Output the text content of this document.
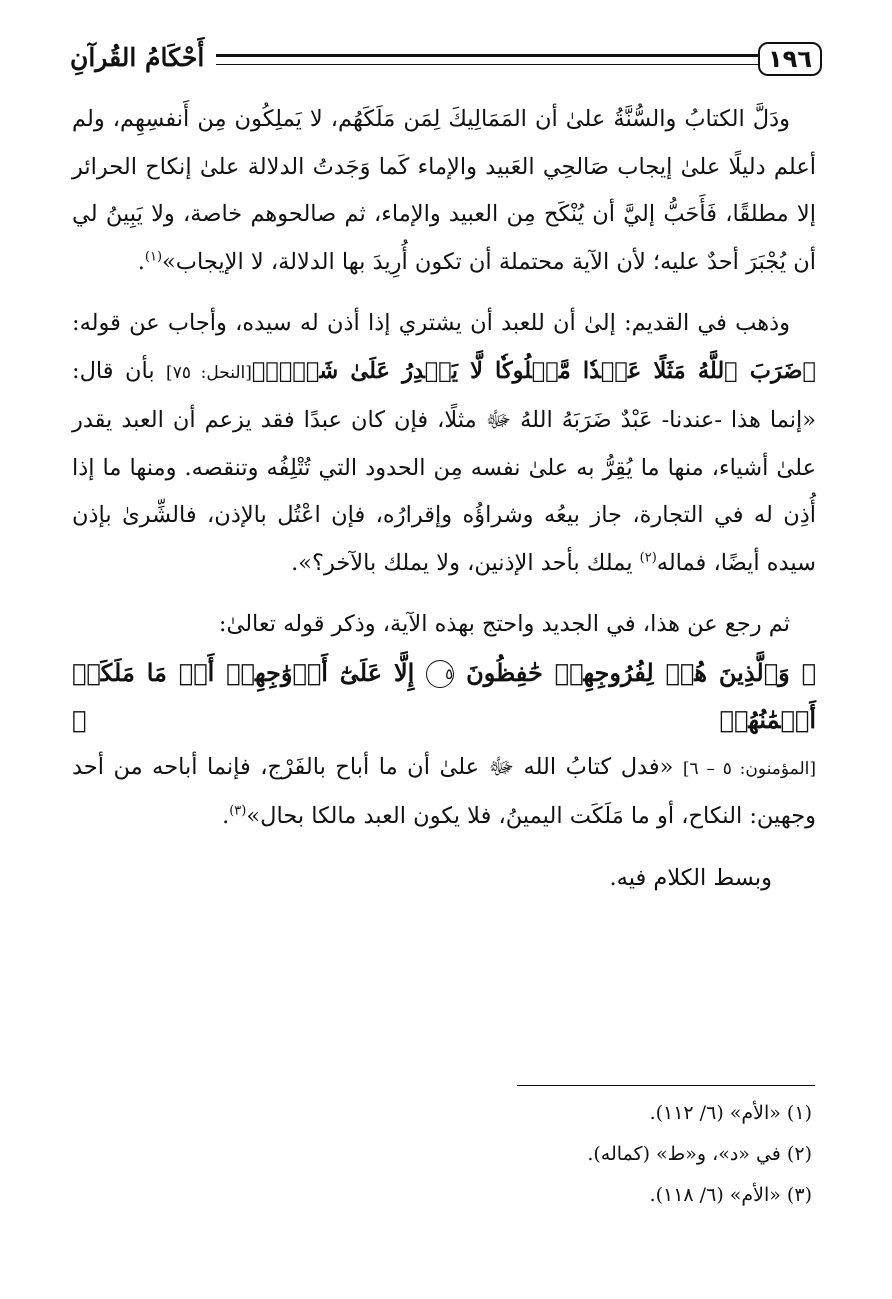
١٩٦
أَحْكَامُ القُرآنِ

ودَلَّ الكتابُ والسُّنَّةُ علىٰ أن المَمَالِيكَ لِمَن مَلَكَهُم، لا يَملِكُون مِن أَنفسِهِم، ولم أعلم دليلًا علىٰ إيجاب صَالحِي العَبيد والإماء كَما وَجَدتُ الدلالة علىٰ إنكاح الحرائر إلا مطلقًا، فَأَحَبُّ إليَّ أن يُنْكَح مِن العبيد والإماء، ثم صالحوهم خاصة، ولا يَبِينُ لي أن يُجْبَرَ أحدٌ عليه؛ لأن الآية محتملة أن تكون أُرِيدَ بها الدلالة، لا الإيجاب»$^{(١)}$.

وذهب في القديم: إلىٰ أن للعبد أن يشتري إذا أذن له سيده، وأجاب عن قوله: ﴿ضَرَبَ ٱللَّهُ مَثَلًا عَبۡدٗا مَّمۡلُوكٗا لَّا يَقۡدِرُ عَلَىٰ شَيۡءٖ﴾[النحل: ٧٥] بأن قال: «إنما هذا -عندنا- عَبْدٌ ضَرَبَهُ اللهُ ﷻ مثلًا، فإن كان عبدًا فقد يزعم أن العبد يقدر علىٰ أشياء، منها ما يُقِرُّ به علىٰ نفسه مِن الحدود التي تُتْلِفُه وتنقصه. ومنها ما إذا أُذِن له في التجارة، جاز بيعُه وشراؤُه وإقرارُه، فإن اعْتُل بالإذن، فالشِّرىٰ بإذن سيده أيضًا، فماله$^{(٢)}$ يملك بأحد الإذنين، ولا يملك بالآخر؟».

ثم رجع عن هذا، في الجديد واحتج بهذه الآية، وذكر قوله تعالىٰ:

﴿ وَٱلَّذِينَ هُمۡ لِفُرُوجِهِمۡ حَٰفِظُونَ ٥ إِلَّا عَلَىٰٓ أَزۡوَٰجِهِمۡ أَوۡ مَا مَلَكَتۡ أَيۡمَٰنُهُمۡ ﴾

[المؤمنون: ٥ – ٦] «فدل كتابُ الله ﷻ علىٰ أن ما أباح بالفَرْج، فإنما أباحه من أحد وجهين: النكاح، أو ما مَلَكَت اليمينُ، فلا يكون العبد مالكا بحال»$^{(٣)}$.

وبسط الكلام فيه.

(١) «الأم» (٦/ ١١٢).
(٢) في «د»، و«ط» (كماله).
(٣) «الأم» (٦/ ١١٨).
